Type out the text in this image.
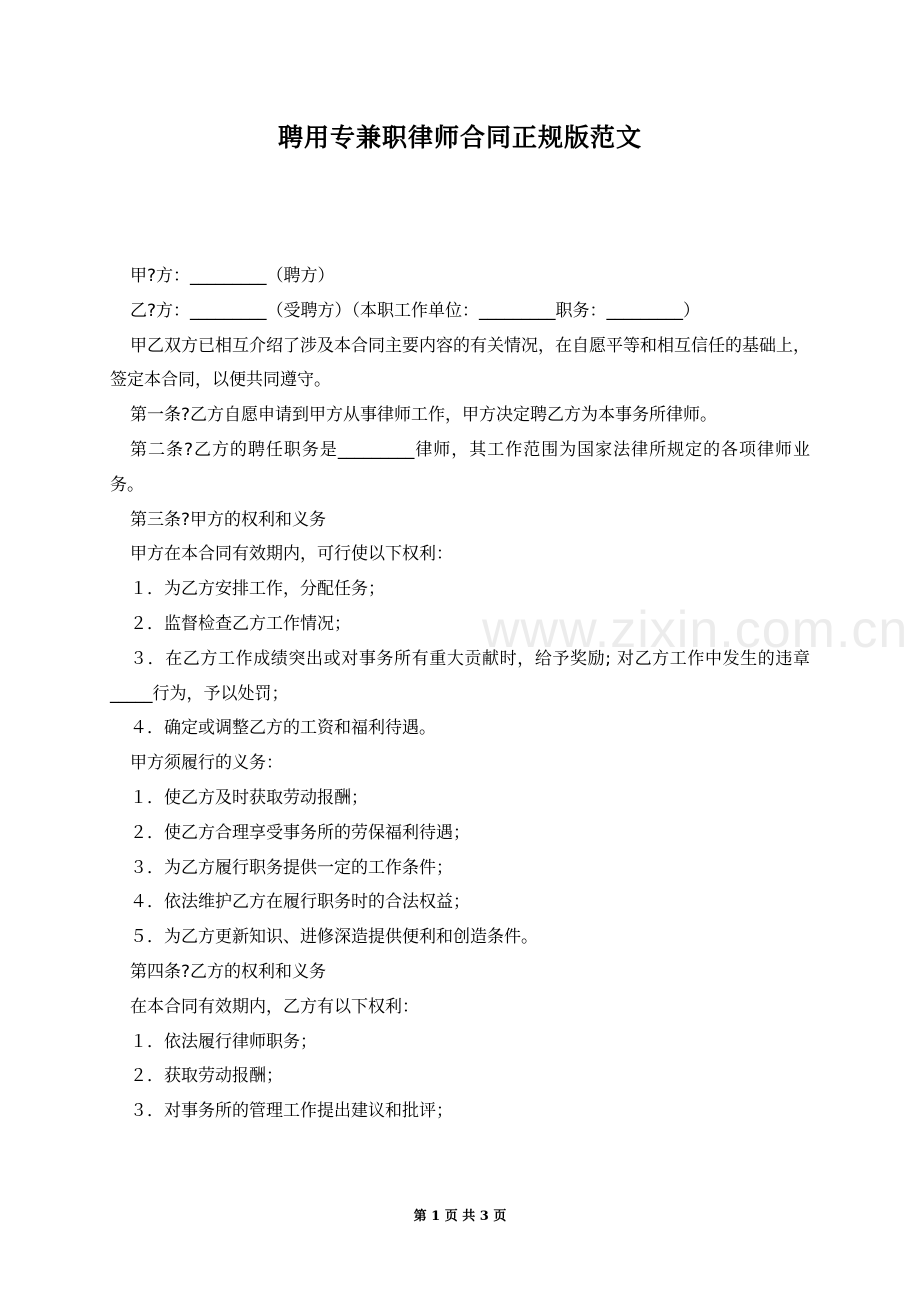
聘用专兼职律师合同正规版范文
www.zixin.com.cn

甲?方：_________（聘方）

乙?方：_________（受聘方）（本职工作单位：_________职务：_________）

甲乙双方已相互介绍了涉及本合同主要内容的有关情况，在自愿平等和相互信任的基础上，签定本合同，以便共同遵守。

第一条?乙方自愿申请到甲方从事律师工作，甲方决定聘乙方为本事务所律师。

第二条?乙方的聘任职务是_________律师，其工作范围为国家法律所规定的各项律师业务。

第三条?甲方的权利和义务

甲方在本合同有效期内，可行使以下权利：

１．为乙方安排工作，分配任务；

２．监督检查乙方工作情况；

３．在乙方工作成绩突出或对事务所有重大贡献时，给予奖励; 对乙方工作中发生的违章_____行为，予以处罚；

４．确定或调整乙方的工资和福利待遇。

甲方须履行的义务：

１．使乙方及时获取劳动报酬；

２．使乙方合理享受事务所的劳保福利待遇；

３．为乙方履行职务提供一定的工作条件；

４．依法维护乙方在履行职务时的合法权益；

５．为乙方更新知识、进修深造提供便利和创造条件。

第四条?乙方的权利和义务

在本合同有效期内，乙方有以下权利：

１．依法履行律师职务；

２．获取劳动报酬；

３．对事务所的管理工作提出建议和批评；

第 1 页 共 3 页
